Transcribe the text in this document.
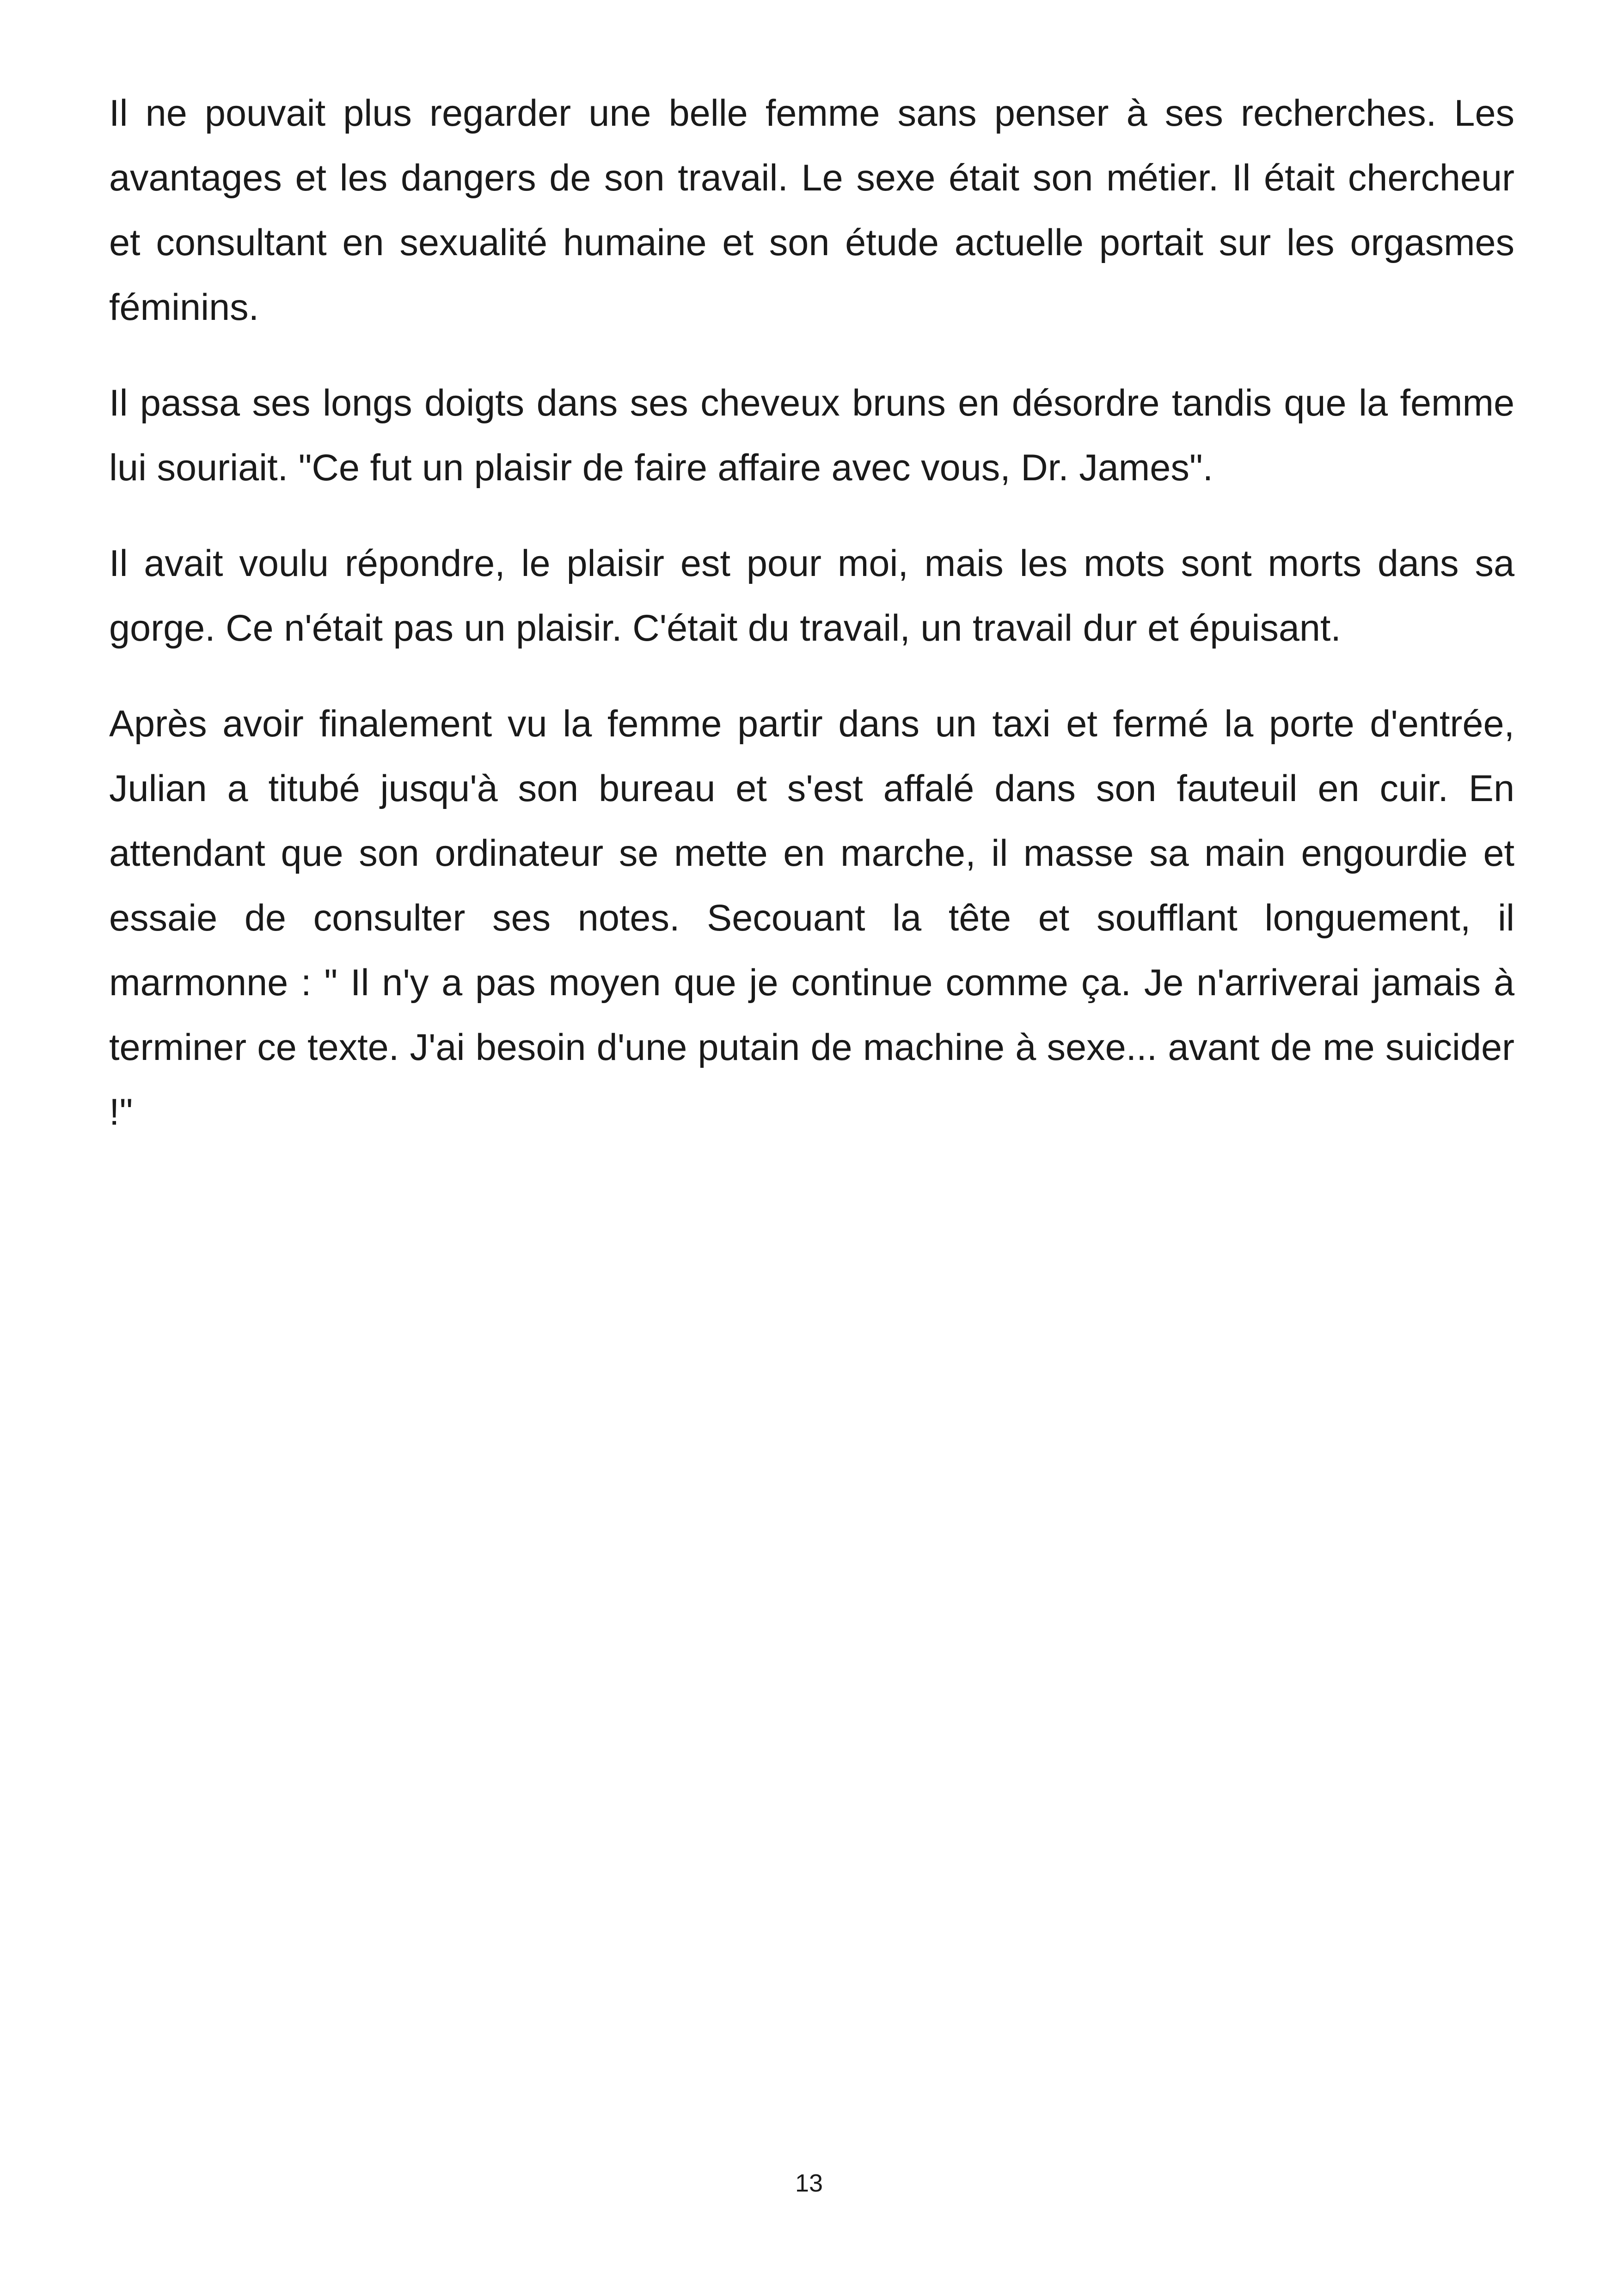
Il ne pouvait plus regarder une belle femme sans penser à ses recherches. Les avantages et les dangers de son travail. Le sexe était son métier. Il était chercheur et consultant en sexualité humaine et son étude actuelle portait sur les orgasmes féminins.

Il passa ses longs doigts dans ses cheveux bruns en désordre tandis que la femme lui souriait. "Ce fut un plaisir de faire affaire avec vous, Dr. James".

Il avait voulu répondre, le plaisir est pour moi, mais les mots sont morts dans sa gorge. Ce n'était pas un plaisir. C'était du travail, un travail dur et épuisant.

Après avoir finalement vu la femme partir dans un taxi et fermé la porte d'entrée, Julian a titubé jusqu'à son bureau et s'est affalé dans son fauteuil en cuir. En attendant que son ordinateur se mette en marche, il masse sa main engourdie et essaie de consulter ses notes. Secouant la tête et soufflant longuement, il marmonne : " Il n'y a pas moyen que je continue comme ça. Je n'arriverai jamais à terminer ce texte. J'ai besoin d'une putain de machine à sexe... avant de me suicider !"

13
